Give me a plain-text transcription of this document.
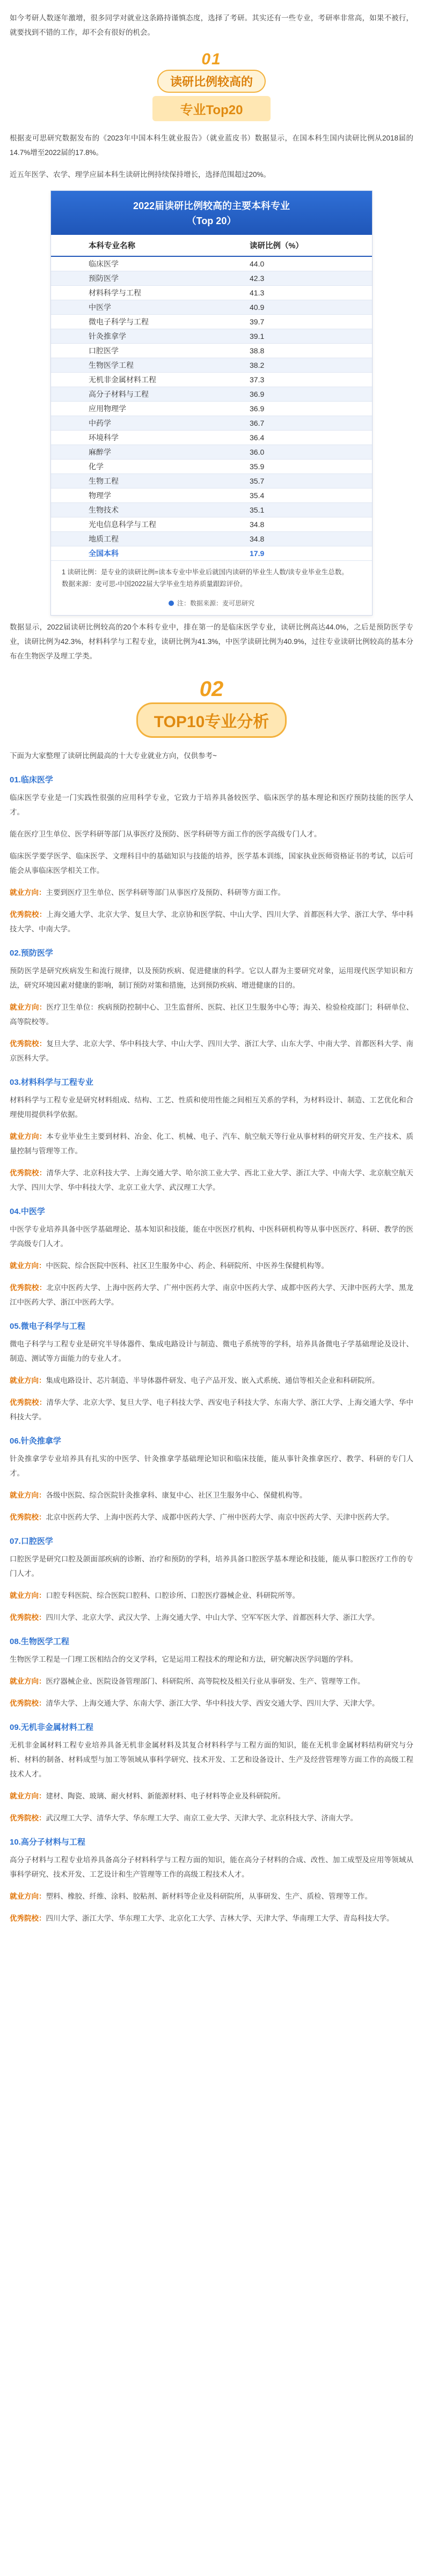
如今考研人数逐年激增，很多同学对就业这条路持谨慎态度，选择了考研。其实还有一些专业，考研率非常高，如果不被行，就要找到不错的工作，却不会有很好的机会。

01
读研比例较高的
专业Top20

根据麦可思研究数据发布的《2023年中国本科生就业报告》（就业蓝皮书）数据显示，在国本科生国内读研比例从2018届的14.7%增至2022届的17.8%。

近五年医学、农学、理学应届本科生读研比例持续保持增长，选择范围超过20%。

2022届读研比例较高的主要本科专业
（Top 20）
本科专业名称	读研比例（%）
临床医学	44.0
预防医学	42.3
材料科学与工程	41.3
中医学	40.9
微电子科学与工程	39.7
针灸推拿学	39.1
口腔医学	38.8
生物医学工程	38.2
无机非金属材料工程	37.3
高分子材料与工程	36.9
应用物理学	36.9
中药学	36.7
环境科学	36.4
麻醉学	36.0
化学	35.9
生物工程	35.7
物理学	35.4
生物技术	35.1
光电信息科学与工程	34.8
地质工程	34.8
全国本科	17.9

1 读研比例：是专业的读研比例=读本专业中毕业后就国内读研的毕业生人数/读专业毕业生总数。

数据来源：麦可思-中国2022届大学毕业生培养质量跟踪评价。

注：数据来源：麦可思研究

数据显示，2022届读研比例较高的20个本科专业中，排在第一的是临床医学专业，读研比例高达44.0%，之后是预防医学专业，读研比例为42.3%，材料科学与工程专业，读研比例为41.3%，中医学读研比例为40.9%，过往专业读研比例较高的基本分布在生物医学及理工学类。

02
TOP10专业分析

下面为大家整理了读研比例最高的十大专业就业方向，仅供参考~

01.临床医学

临床医学专业是一门实践性很强的应用科学专业，它致力于培养具备较医学、临床医学的基本理论和医疗预防技能的医学人才。

能在医疗卫生单位、医学科研等部门从事医疗及预防、医学科研等方面工作的医学高级专门人才。

临床医学要学医学、临床医学、文理科目中的基础知识与技能的培养，医学基本训练，国家执业医师资格证书的考试，以后可能会从事临床医学相关工作。

就业方向：主要到医疗卫生单位、医学科研等部门从事医疗及预防、科研等方面工作。

优秀院校：上海交通大学、北京大学、复旦大学、北京协和医学院、中山大学、四川大学、首都医科大学、浙江大学、华中科技大学、中南大学。

02.预防医学

预防医学是研究疾病发生和流行规律，以及预防疾病、促进健康的科学。它以人群为主要研究对象，运用现代医学知识和方法，研究环境因素对健康的影响，制订预防对策和措施，达到预防疾病、增进健康的目的。

就业方向：医疗卫生单位：疾病预防控制中心、卫生监督所、医院、社区卫生服务中心等；海关、检验检疫部门；科研单位、高等院校等。

优秀院校：复旦大学、北京大学、华中科技大学、中山大学、四川大学、浙江大学、山东大学、中南大学、首都医科大学、南京医科大学。

03.材料科学与工程专业

材料科学与工程专业是研究材料组成、结构、工艺、性质和使用性能之间相互关系的学科，为材料设计、制造、工艺优化和合理使用提供科学依据。

就业方向：本专业毕业生主要到材料、冶金、化工、机械、电子、汽车、航空航天等行业从事材料的研究开发、生产技术、质量控制与管理等工作。

优秀院校：清华大学、北京科技大学、上海交通大学、哈尔滨工业大学、西北工业大学、浙江大学、中南大学、北京航空航天大学、四川大学、华中科技大学、北京工业大学、武汉理工大学。

04.中医学

中医学专业培养具备中医学基础理论、基本知识和技能，能在中医医疗机构、中医科研机构等从事中医医疗、科研、教学的医学高级专门人才。

就业方向：中医院、综合医院中医科、社区卫生服务中心、药企、科研院所、中医养生保健机构等。

优秀院校：北京中医药大学、上海中医药大学、广州中医药大学、南京中医药大学、成都中医药大学、天津中医药大学、黑龙江中医药大学、浙江中医药大学。

05.微电子科学与工程

微电子科学与工程专业是研究半导体器件、集成电路设计与制造、微电子系统等的学科，培养具备微电子学基础理论及设计、制造、测试等方面能力的专业人才。

就业方向：集成电路设计、芯片制造、半导体器件研发、电子产品开发、嵌入式系统、通信等相关企业和科研院所。

优秀院校：清华大学、北京大学、复旦大学、电子科技大学、西安电子科技大学、东南大学、浙江大学、上海交通大学、华中科技大学。

06.针灸推拿学

针灸推拿学专业培养具有扎实的中医学、针灸推拿学基础理论知识和临床技能，能从事针灸推拿医疗、教学、科研的专门人才。

就业方向：各级中医院、综合医院针灸推拿科、康复中心、社区卫生服务中心、保健机构等。

优秀院校：北京中医药大学、上海中医药大学、成都中医药大学、广州中医药大学、南京中医药大学、天津中医药大学。

07.口腔医学

口腔医学是研究口腔及颌面部疾病的诊断、治疗和预防的学科，培养具备口腔医学基本理论和技能，能从事口腔医疗工作的专门人才。

就业方向：口腔专科医院、综合医院口腔科、口腔诊所、口腔医疗器械企业、科研院所等。

优秀院校：四川大学、北京大学、武汉大学、上海交通大学、中山大学、空军军医大学、首都医科大学、浙江大学。

08.生物医学工程

生物医学工程是一门理工医相结合的交叉学科，它是运用工程技术的理论和方法，研究解决医学问题的学科。

就业方向：医疗器械企业、医院设备管理部门、科研院所、高等院校及相关行业从事研发、生产、管理等工作。

优秀院校：清华大学、上海交通大学、东南大学、浙江大学、华中科技大学、西安交通大学、四川大学、天津大学。

09.无机非金属材料工程

无机非金属材料工程专业培养具备无机非金属材料及其复合材料科学与工程方面的知识，能在无机非金属材料结构研究与分析、材料的制备、材料成型与加工等领域从事科学研究、技术开发、工艺和设备设计、生产及经营管理等方面工作的高级工程技术人才。

就业方向：建材、陶瓷、玻璃、耐火材料、新能源材料、电子材料等企业及科研院所。

优秀院校：武汉理工大学、清华大学、华东理工大学、南京工业大学、天津大学、北京科技大学、济南大学。

10.高分子材料与工程

高分子材料与工程专业培养具备高分子材料科学与工程方面的知识，能在高分子材料的合成、改性、加工成型及应用等领域从事科学研究、技术开发、工艺设计和生产管理等工作的高级工程技术人才。

就业方向：塑料、橡胶、纤维、涂料、胶粘剂、新材料等企业及科研院所，从事研发、生产、质检、管理等工作。

优秀院校：四川大学、浙江大学、华东理工大学、北京化工大学、吉林大学、天津大学、华南理工大学、青岛科技大学。
